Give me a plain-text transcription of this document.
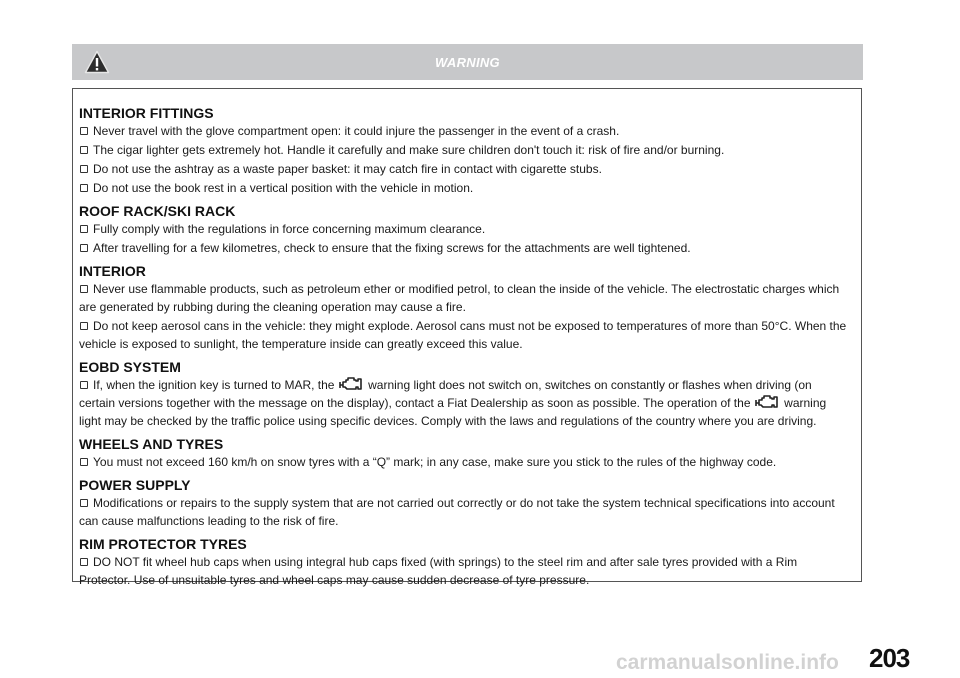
WARNING
INTERIOR FITTINGS

Never travel with the glove compartment open: it could injure the passenger in the event of a crash.

The cigar lighter gets extremely hot. Handle it carefully and make sure children don't touch it: risk of fire and/or burning.

Do not use the ashtray as a waste paper basket: it may catch fire in contact with cigarette stubs.

Do not use the book rest in a vertical position with the vehicle in motion.

ROOF RACK/SKI RACK

Fully comply with the regulations in force concerning maximum clearance.

After travelling for a few kilometres, check to ensure that the fixing screws for the attachments are well tightened.

INTERIOR

Never use flammable products, such as petroleum ether or modified petrol, to clean the inside of the vehicle. The electrostatic charges which are generated by rubbing during the cleaning operation may cause a fire.

Do not keep aerosol cans in the vehicle: they might explode. Aerosol cans must not be exposed to temperatures of more than 50°C. When the vehicle is exposed to sunlight, the temperature inside can greatly exceed this value.

EOBD SYSTEM

If, when the ignition key is turned to MAR, the  warning light does not switch on, switches on constantly or flashes when driving (on certain versions together with the message on the display), contact a Fiat Dealership as soon as possible. The operation of the  warning light may be checked by the traffic police using specific devices. Comply with the laws and regulations of the country where you are driving.

WHEELS AND TYRES

You must not exceed 160 km/h on snow tyres with a “Q” mark; in any case, make sure you stick to the rules of the highway code.

POWER SUPPLY

Modifications or repairs to the supply system that are not carried out correctly or do not take the system technical specifications into account can cause malfunctions leading to the risk of fire.

RIM PROTECTOR TYRES

DO NOT fit wheel hub caps when using integral hub caps fixed (with springs) to the steel rim and after sale tyres provided with a Rim Protector. Use of unsuitable tyres and wheel caps may cause sudden decrease of tyre pressure.

carmanualsonline.info 203
